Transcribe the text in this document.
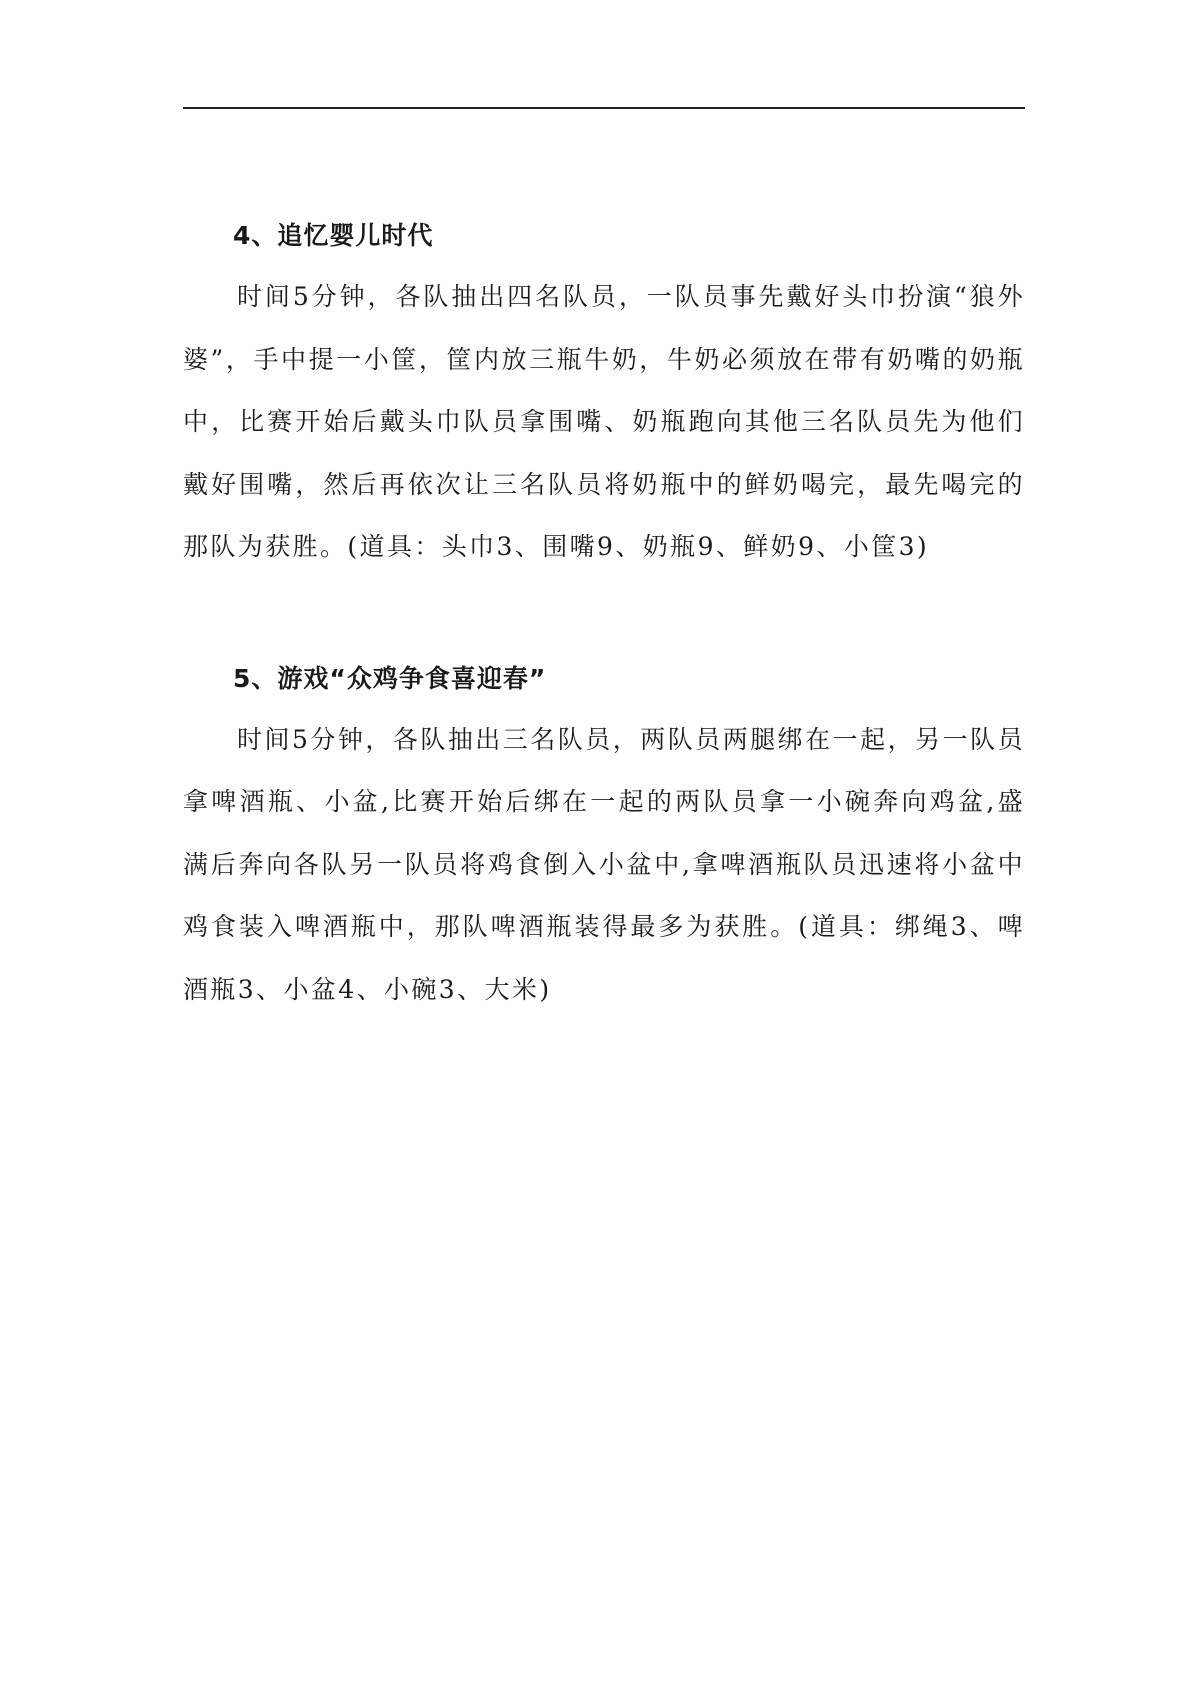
4、追忆婴儿时代

时间5分钟，各队抽出四名队员，一队员事先戴好头巾扮演“狼外婆”，手中提一小筐，筐内放三瓶牛奶，牛奶必须放在带有奶嘴的奶瓶中，比赛开始后戴头巾队员拿围嘴、奶瓶跑向其他三名队员先为他们戴好围嘴，然后再依次让三名队员将奶瓶中的鲜奶喝完，最先喝完的那队为获胜。(道具：头巾3、围嘴9、奶瓶9、鲜奶9、小筐3)

5、游戏“众鸡争食喜迎春”

时间5分钟，各队抽出三名队员，两队员两腿绑在一起，另一队员拿啤酒瓶、小盆,比赛开始后绑在一起的两队员拿一小碗奔向鸡盆,盛满后奔向各队另一队员将鸡食倒入小盆中,拿啤酒瓶队员迅速将小盆中鸡食装入啤酒瓶中，那队啤酒瓶装得最多为获胜。(道具：绑绳3、啤酒瓶3、小盆4、小碗3、大米)
